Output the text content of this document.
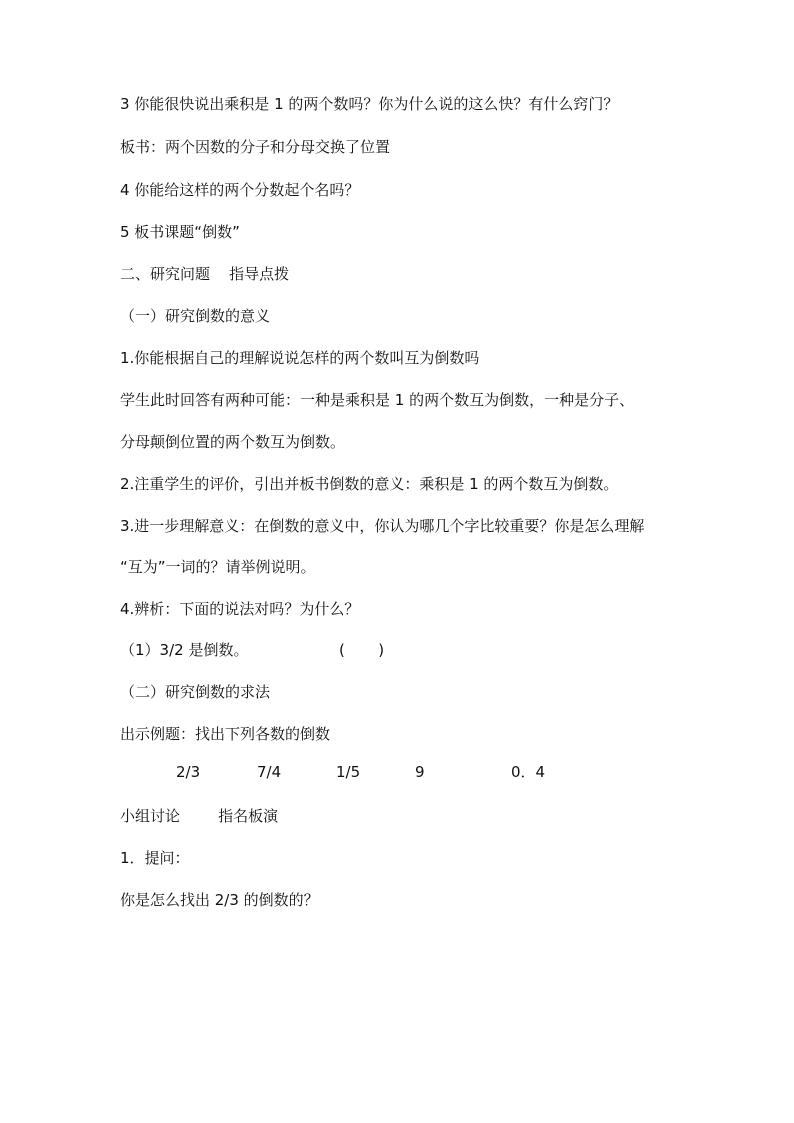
3 你能很快说出乘积是 1 的两个数吗？你为什么说的这么快？有什么窍门？

板书：两个因数的分子和分母交换了位置

4 你能给这样的两个分数起个名吗？

5 板书课题“倒数”

二、研究问题    指导点拨

（一）研究倒数的意义

1.你能根据自己的理解说说怎样的两个数叫互为倒数吗

学生此时回答有两种可能：一种是乘积是 1 的两个数互为倒数，一种是分子、

分母颠倒位置的两个数互为倒数。

2.注重学生的评价，引出并板书倒数的意义：乘积是 1 的两个数互为倒数。

3.进一步理解意义：在倒数的意义中，你认为哪几个字比较重要？你是怎么理解

“互为”一词的？请举例说明。

4.辨析：下面的说法对吗？为什么？

（1）3/2 是倒数。                   (       )

（二）研究倒数的求法

出示例题：找出下列各数的倒数

2/3	7/4	1/5	9	0．4

小组讨论        指名板演

1．提问：

你是怎么找出 2/3 的倒数的？
